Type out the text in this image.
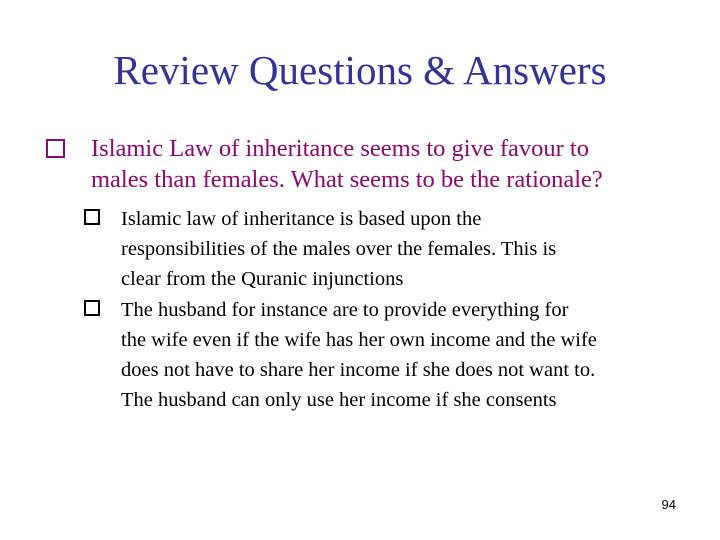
Review Questions & Answers
Islamic Law of inheritance seems to give favour to
males than females. What seems to be the rationale?
Islamic law of inheritance is based upon the
responsibilities of the males over the females. This is
clear from the Quranic injunctions
The husband for instance are to provide everything for
the wife even if the wife has her own income and the wife
does not have to share her income if she does not want to.
The husband can only use her income if she consents
94
